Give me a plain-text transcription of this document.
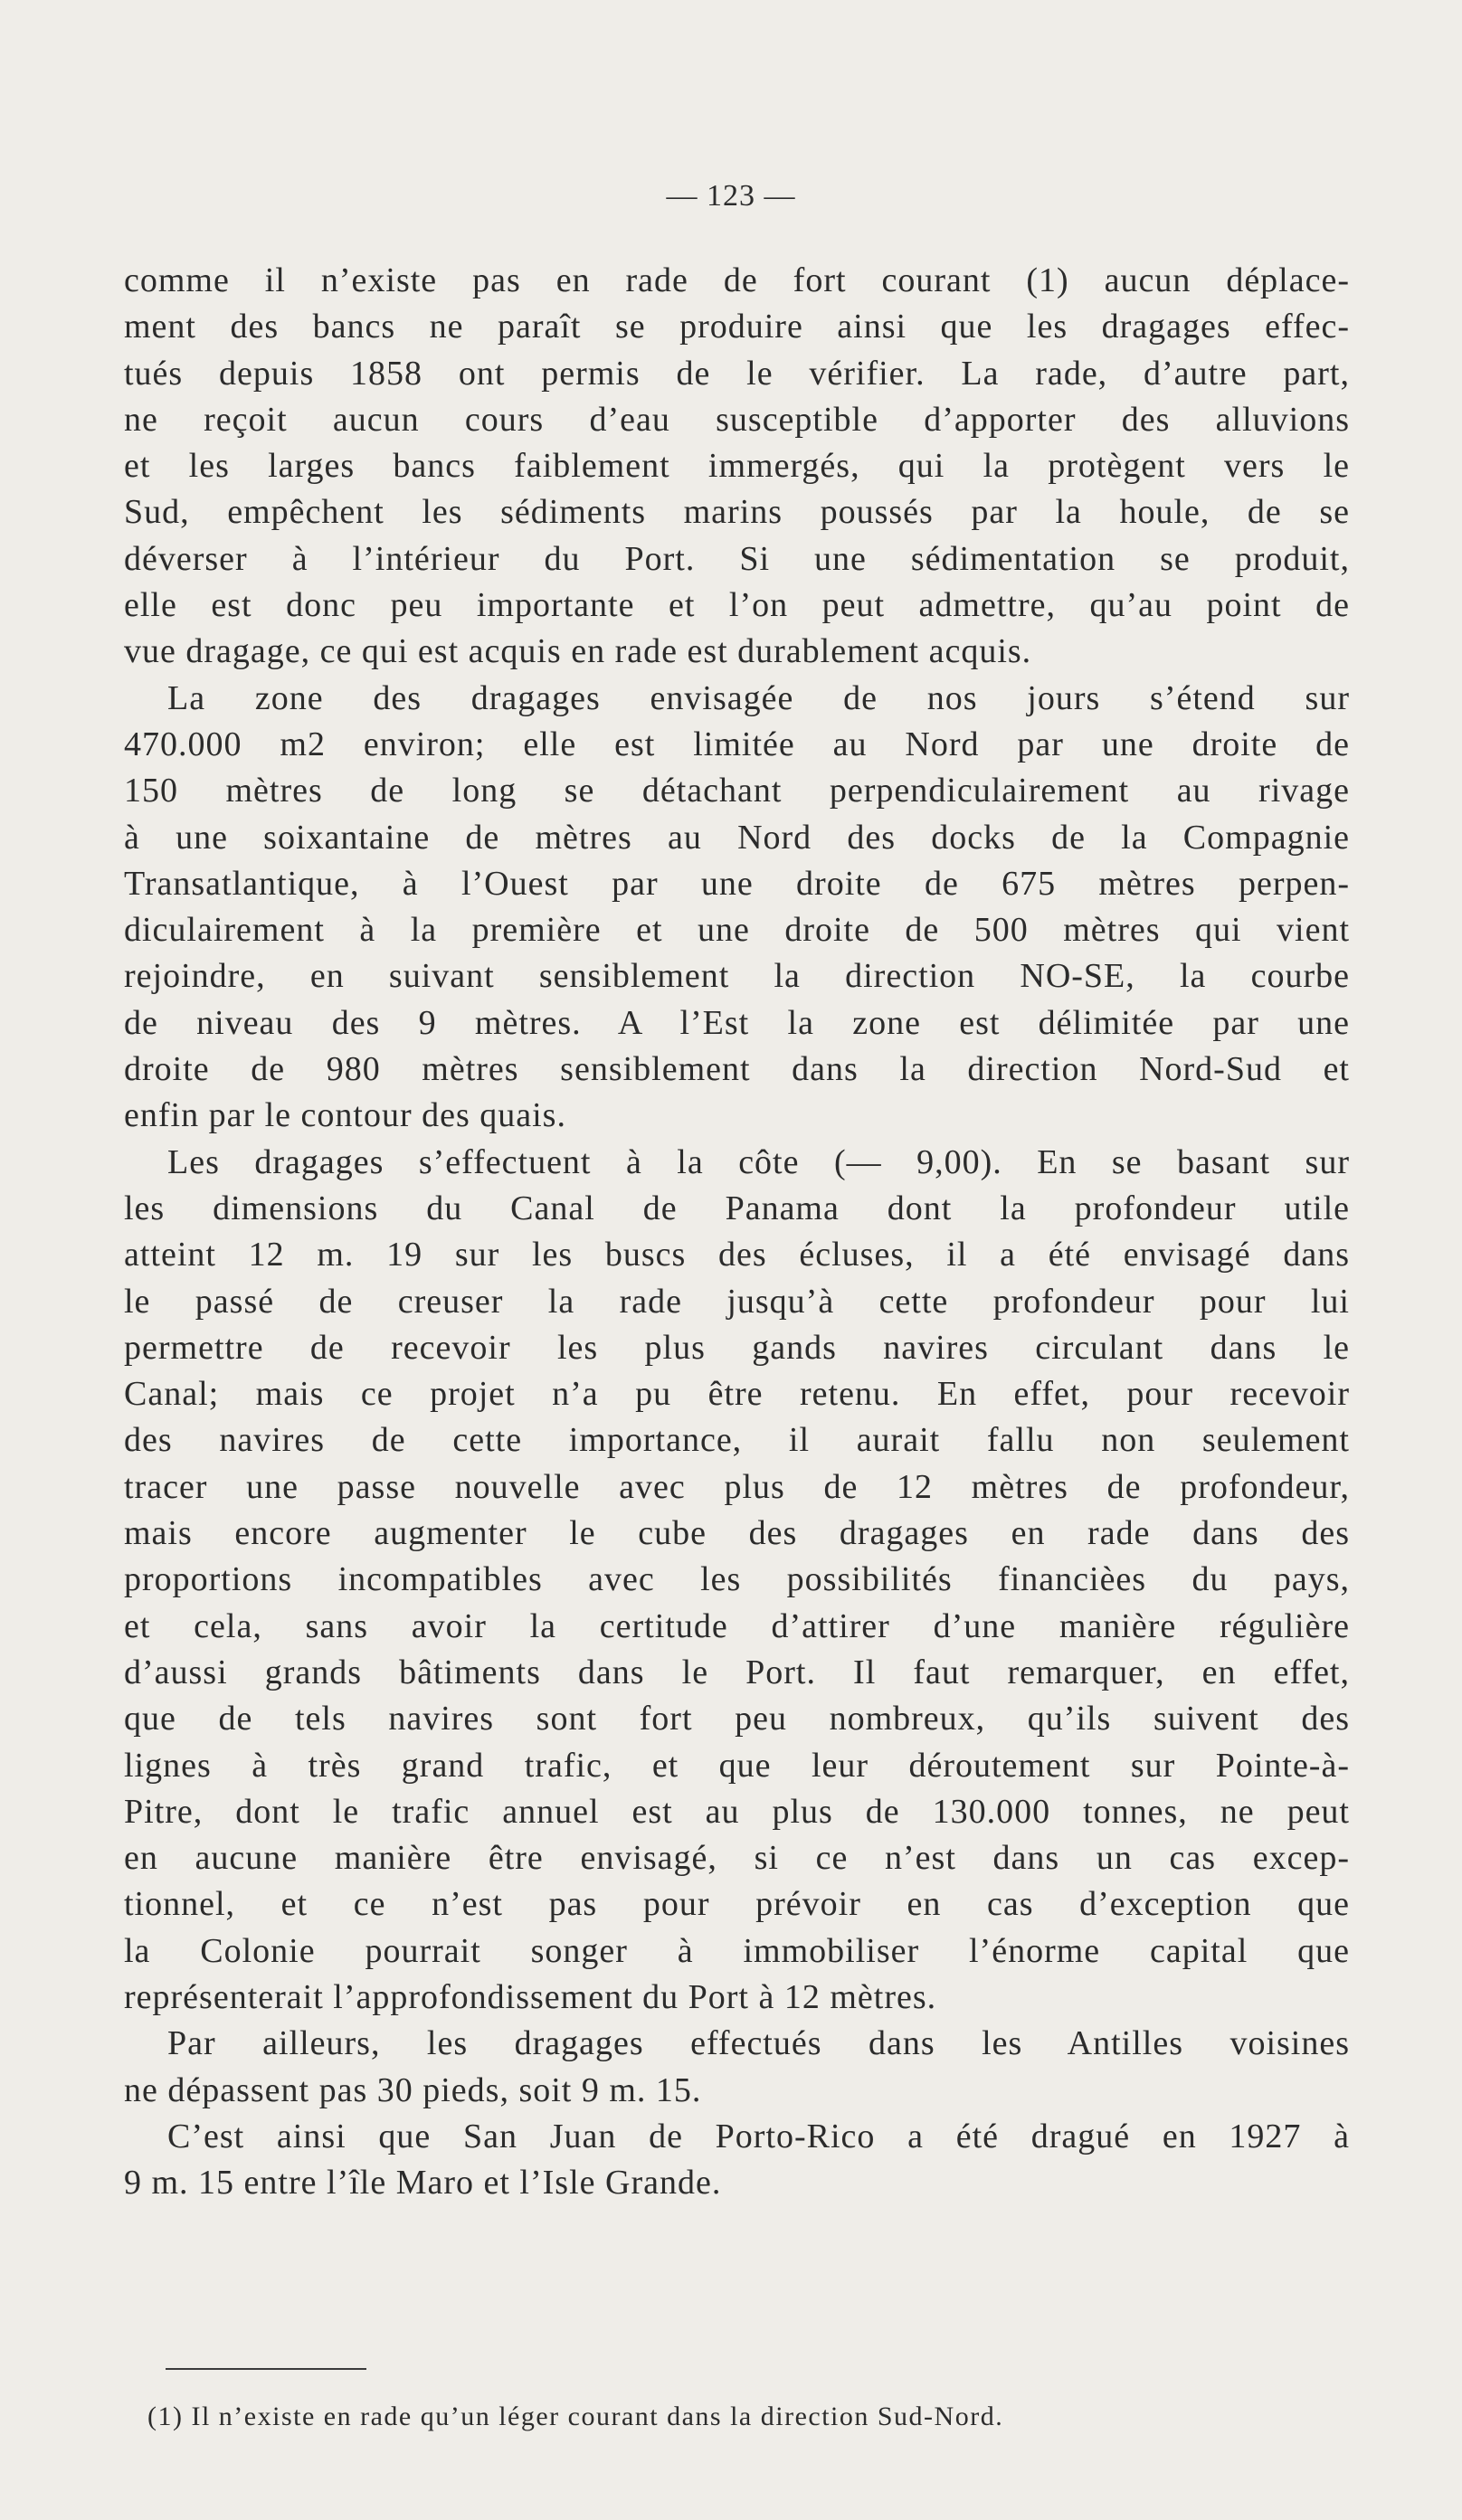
— 123 —

comme il n’existe pas en rade de fort courant (1) aucun déplace-
ment des bancs ne paraît se produire ainsi que les dragages effec-
tués depuis 1858 ont permis de le vérifier. La rade, d’autre part,
ne reçoit aucun cours d’eau susceptible d’apporter des alluvions
et les larges bancs faiblement immergés, qui la protègent vers le
Sud, empêchent les sédiments marins poussés par la houle, de se
déverser à l’intérieur du Port. Si une sédimentation se produit,
elle est donc peu importante et l’on peut admettre, qu’au point de
vue dragage, ce qui est acquis en rade est durablement acquis.

La zone des dragages envisagée de nos jours s’étend sur
470.000 m2 environ; elle est limitée au Nord par une droite de
150 mètres de long se détachant perpendiculairement au rivage
à une soixantaine de mètres au Nord des docks de la Compagnie
Transatlantique, à l’Ouest par une droite de 675 mètres perpen-
diculairement à la première et une droite de 500 mètres qui vient
rejoindre, en suivant sensiblement la direction NO-SE, la courbe
de niveau des 9 mètres. A l’Est la zone est délimitée par une
droite de 980 mètres sensiblement dans la direction Nord-Sud et
enfin par le contour des quais.

Les dragages s’effectuent à la côte (— 9,00). En se basant sur
les dimensions du Canal de Panama dont la profondeur utile
atteint 12 m. 19 sur les buscs des écluses, il a été envisagé dans
le passé de creuser la rade jusqu’à cette profondeur pour lui
permettre de recevoir les plus gands navires circulant dans le
Canal; mais ce projet n’a pu être retenu. En effet, pour recevoir
des navires de cette importance, il aurait fallu non seulement
tracer une passe nouvelle avec plus de 12 mètres de profondeur,
mais encore augmenter le cube des dragages en rade dans des
proportions incompatibles avec les possibilités financièes du pays,
et cela, sans avoir la certitude d’attirer d’une manière régulière
d’aussi grands bâtiments dans le Port. Il faut remarquer, en effet,
que de tels navires sont fort peu nombreux, qu’ils suivent des
lignes à très grand trafic, et que leur déroutement sur Pointe-à-
Pitre, dont le trafic annuel est au plus de 130.000 tonnes, ne peut
en aucune manière être envisagé, si ce n’est dans un cas excep-
tionnel, et ce n’est pas pour prévoir en cas d’exception que
la Colonie pourrait songer à immobiliser l’énorme capital que
représenterait l’approfondissement du Port à 12 mètres.

Par ailleurs, les dragages effectués dans les Antilles voisines
ne dépassent pas 30 pieds, soit 9 m. 15.

C’est ainsi que San Juan de Porto-Rico a été dragué en 1927 à
9 m. 15 entre l’île Maro et l’Isle Grande.

(1) Il n’existe en rade qu’un léger courant dans la direction Sud-Nord.
